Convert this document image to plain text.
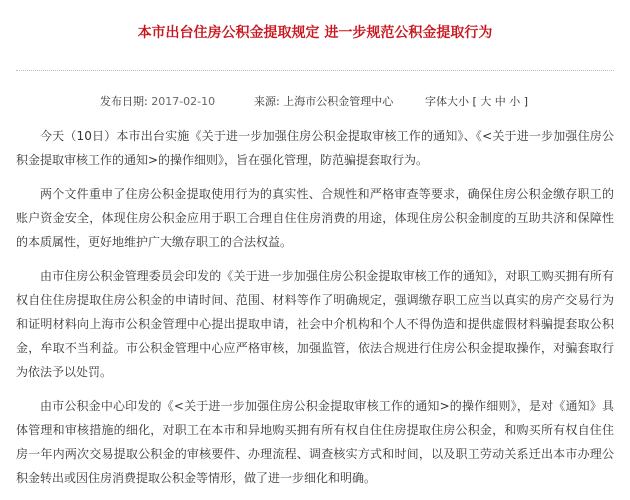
本市出台住房公积金提取规定 进一步规范公积金提取行为
发布日期: 2017-02-10	来源: 上海市公积金管理中心	字体大小 [ 大 中 小 ]

今天（10日）本市出台实施《关于进一步加强住房公积金提取审核工作的通知》、《<关于进一步加强住房公积金提取审核工作的通知>的操作细则》，旨在强化管理，防范骗提套取行为。

两个文件重申了住房公积金提取使用行为的真实性、合规性和严格审查等要求，确保住房公积金缴存职工的账户资金安全，体现住房公积金应用于职工合理自住住房消费的用途，体现住房公积金制度的互助共济和保障性的本质属性，更好地维护广大缴存职工的合法权益。

由市住房公积金管理委员会印发的《关于进一步加强住房公积金提取审核工作的通知》，对职工购买拥有所有权自住住房提取住房公积金的申请时间、范围、材料等作了明确规定，强调缴存职工应当以真实的房产交易行为和证明材料向上海市公积金管理中心提出提取申请，社会中介机构和个人不得伪造和提供虚假材料骗提套取公积金，牟取不当利益。市公积金管理中心应严格审核，加强监管，依法合规进行住房公积金提取操作，对骗套取行为依法予以处罚。

由市公积金中心印发的《<关于进一步加强住房公积金提取审核工作的通知>的操作细则》，是对《通知》具体管理和审核措施的细化，对职工在本市和异地购买拥有所有权自住住房提取住房公积金，和购买所有权自住住房一年内两次交易提取公积金的审核要件、办理流程、调查核实方式和时间，以及职工劳动关系迁出本市办理公积金转出或因住房消费提取公积金等情形，做了进一步细化和明确。
